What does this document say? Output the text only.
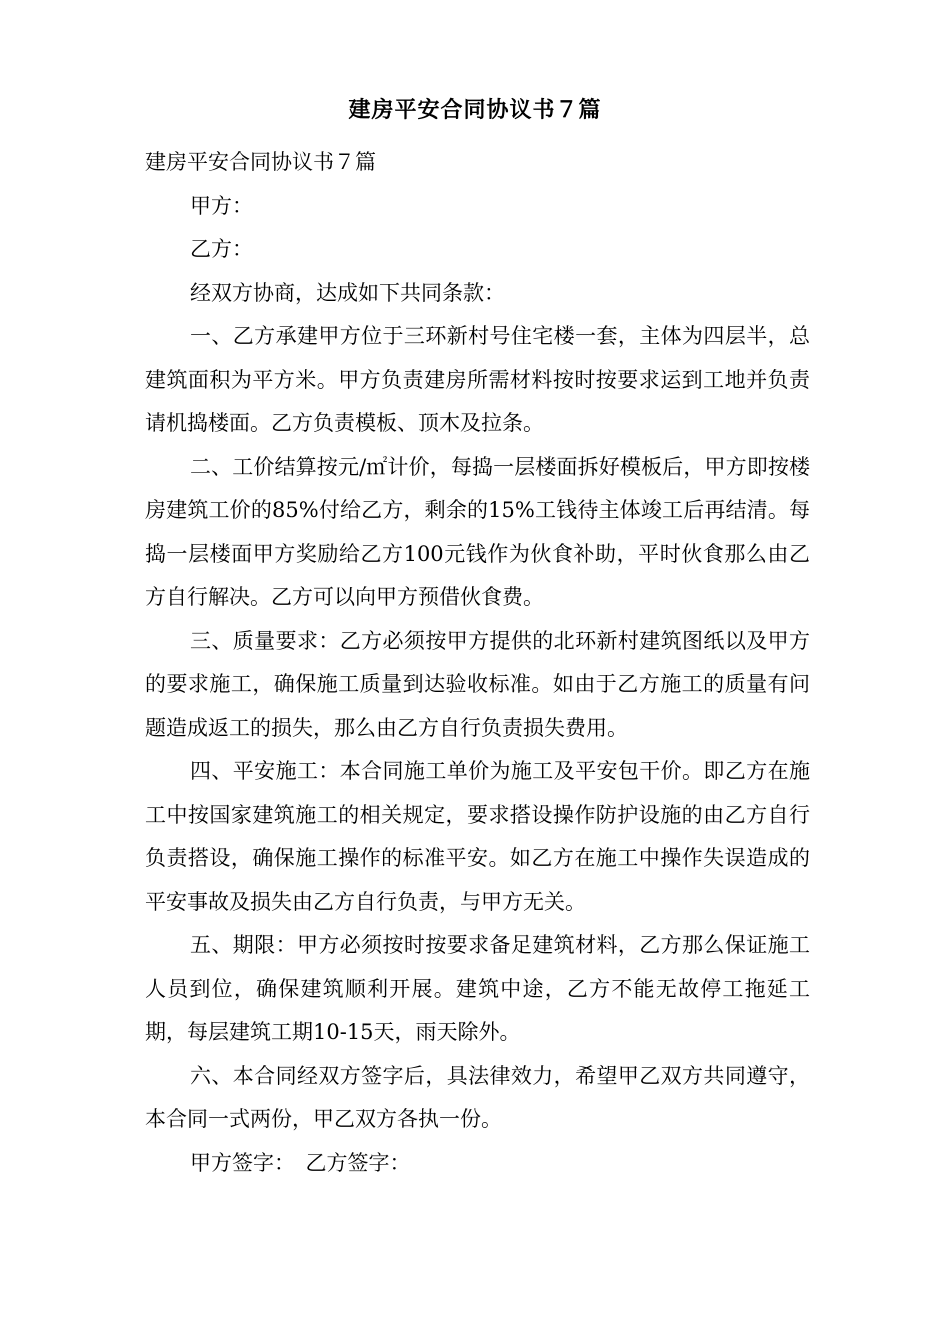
建房平安合同协议书７篇

建房平安合同协议书７篇

甲方：

乙方：

经双方协商，达成如下共同条款：

一、乙方承建甲方位于三环新村号住宅楼一套，主体为四层半，总建筑面积为平方米。甲方负责建房所需材料按时按要求运到工地并负责请机捣楼面。乙方负责模板、顶木及拉条。

二、工价结算按元/㎡计价，每捣一层楼面拆好模板后，甲方即按楼房建筑工价的85%付给乙方，剩余的15%工钱待主体竣工后再结清。每捣一层楼面甲方奖励给乙方100元钱作为伙食补助，平时伙食那么由乙方自行解决。乙方可以向甲方预借伙食费。

三、质量要求：乙方必须按甲方提供的北环新村建筑图纸以及甲方的要求施工，确保施工质量到达验收标准。如由于乙方施工的质量有问题造成返工的损失，那么由乙方自行负责损失费用。

四、平安施工：本合同施工单价为施工及平安包干价。即乙方在施工中按国家建筑施工的相关规定，要求搭设操作防护设施的由乙方自行负责搭设，确保施工操作的标准平安。如乙方在施工中操作失误造成的平安事故及损失由乙方自行负责，与甲方无关。

五、期限：甲方必须按时按要求备足建筑材料，乙方那么保证施工人员到位，确保建筑顺利开展。建筑中途，乙方不能无故停工拖延工期，每层建筑工期10-15天，雨天除外。

六、本合同经双方签字后，具法律效力，希望甲乙双方共同遵守，本合同一式两份，甲乙双方各执一份。

甲方签字：　乙方签字：
